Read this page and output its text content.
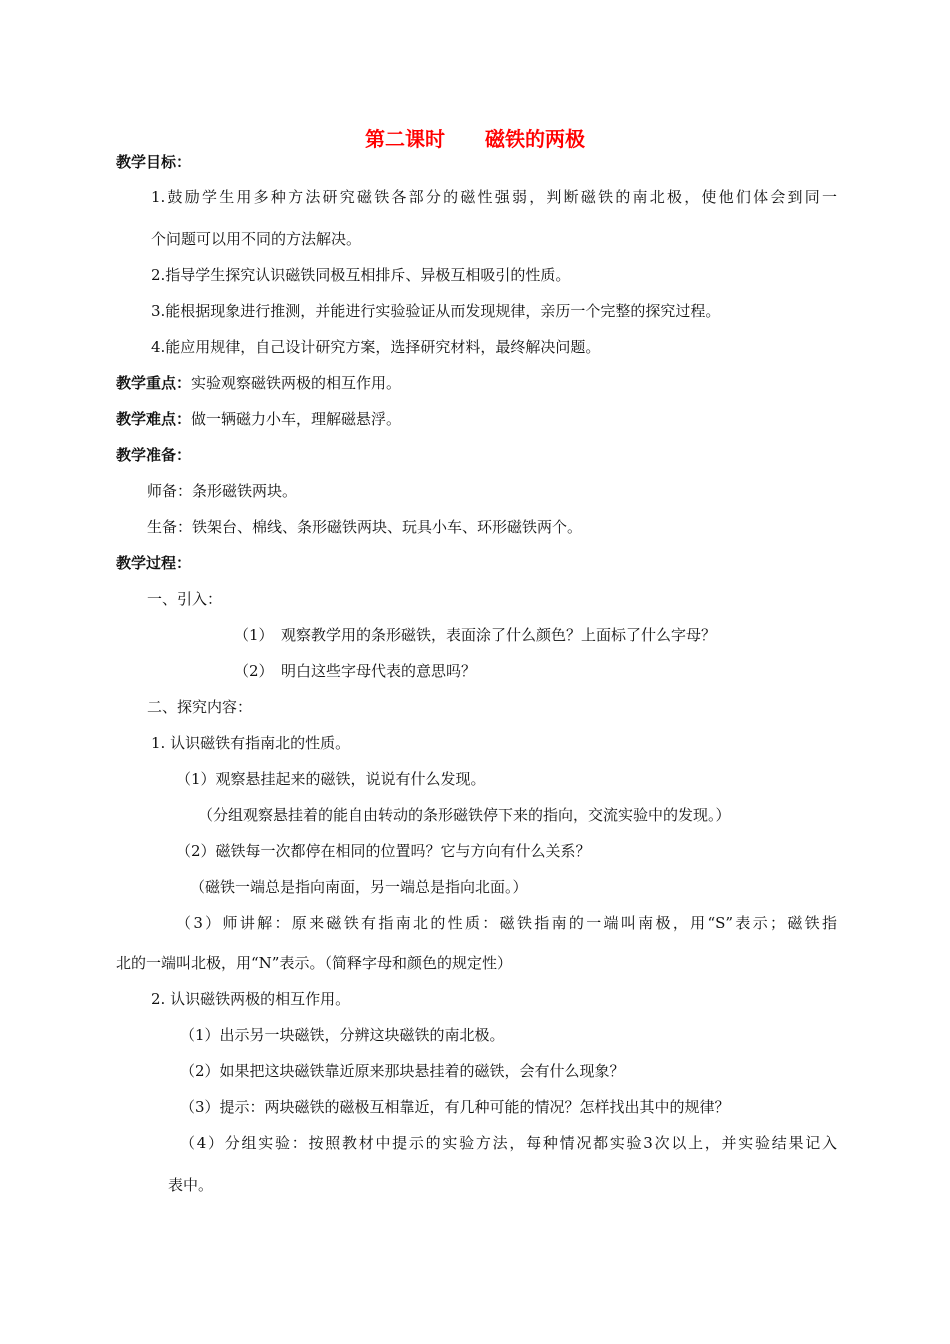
第二课时　　磁铁的两极
教学目标：
1.鼓励学生用多种方法研究磁铁各部分的磁性强弱，判断磁铁的南北极，使他们体会到同一
个问题可以用不同的方法解决。
2.指导学生探究认识磁铁同极互相排斥、异极互相吸引的性质。
3.能根据现象进行推测，并能进行实验验证从而发现规律，亲历一个完整的探究过程。
4.能应用规律，自己设计研究方案，选择研究材料，最终解决问题。
教学重点：实验观察磁铁两极的相互作用。
教学难点：做一辆磁力小车，理解磁悬浮。
教学准备：
师备：条形磁铁两块。
生备：铁架台、棉线、条形磁铁两块、玩具小车、环形磁铁两个。
教学过程：
一、引入：
（1）　观察教学用的条形磁铁，表面涂了什么颜色？上面标了什么字母？
（2）　明白这些字母代表的意思吗？
二、探究内容：
1. 认识磁铁有指南北的性质。
（1）观察悬挂起来的磁铁，说说有什么发现。
（分组观察悬挂着的能自由转动的条形磁铁停下来的指向，交流实验中的发现。）
（2）磁铁每一次都停在相同的位置吗？它与方向有什么关系？
（磁铁一端总是指向南面，另一端总是指向北面。）
（3）师讲解：原来磁铁有指南北的性质：磁铁指南的一端叫南极，用“S”表示；磁铁指
北的一端叫北极，用“N”表示。（简释字母和颜色的规定性）
2. 认识磁铁两极的相互作用。
（1）出示另一块磁铁，分辨这块磁铁的南北极。
（2）如果把这块磁铁靠近原来那块悬挂着的磁铁，会有什么现象？
（3）提示：两块磁铁的磁极互相靠近，有几种可能的情况？怎样找出其中的规律？
（4）分组实验：按照教材中提示的实验方法，每种情况都实验3次以上，并实验结果记入
表中。
